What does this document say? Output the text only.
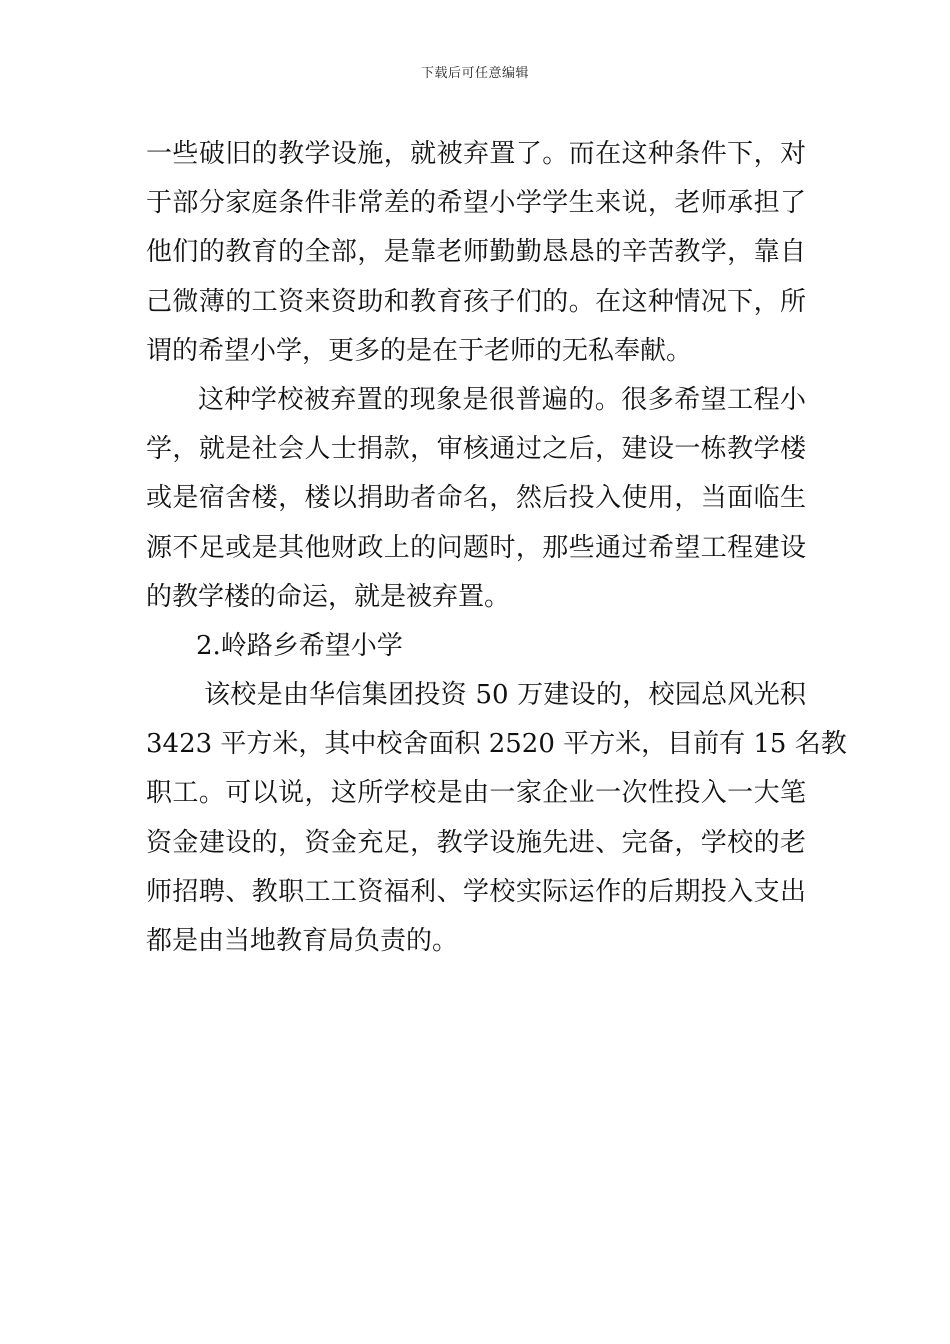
下载后可任意编辑
一些破旧的教学设施，就被弃置了。而在这种条件下，对
于部分家庭条件非常差的希望小学学生来说，老师承担了
他们的教育的全部，是靠老师勤勤恳恳的辛苦教学，靠自
己微薄的工资来资助和教育孩子们的。在这种情况下，所
谓的希望小学，更多的是在于老师的无私奉献。
这种学校被弃置的现象是很普遍的。很多希望工程小
学，就是社会人士捐款，审核通过之后，建设一栋教学楼
或是宿舍楼，楼以捐助者命名，然后投入使用，当面临生
源不足或是其他财政上的问题时，那些通过希望工程建设
的教学楼的命运，就是被弃置。
2.岭路乡希望小学
该校是由华信集团投资 50 万建设的，校园总风光积
3423 平方米，其中校舍面积 2520 平方米，目前有 15 名教
职工。可以说，这所学校是由一家企业一次性投入一大笔
资金建设的，资金充足，教学设施先进、完备，学校的老
师招聘、教职工工资福利、学校实际运作的后期投入支出
都是由当地教育局负责的。
